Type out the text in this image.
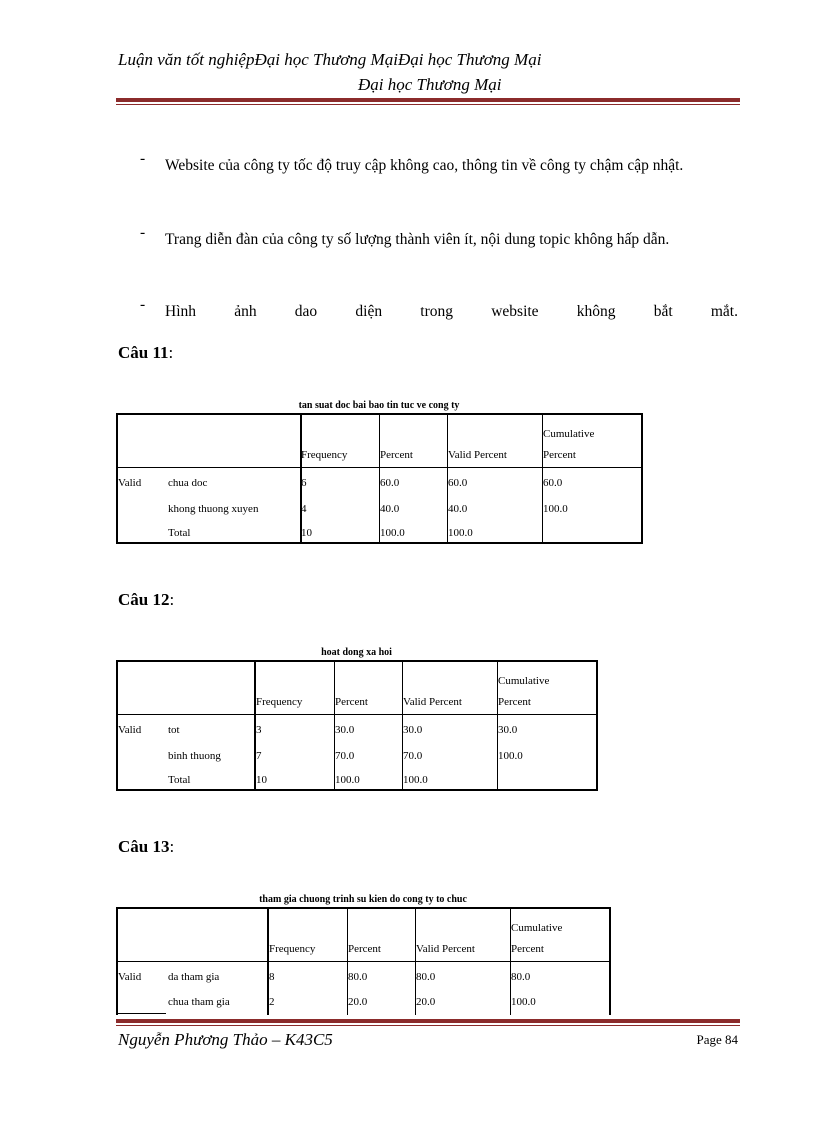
Luận văn tốt nghiệpĐại học Thương MạiĐại học Thương Mại
Đại học Thương Mại
- Website của công ty tốc độ truy cập không cao, thông tin về công ty chậm cập nhật.
- Trang diễn đàn của công ty số lượng thành viên ít, nội dung topic không hấp dẫn.
- Hình ảnh dao diện trong website không bắt mắt.
Câu 11:
tan suat doc bai bao tin tuc ve cong ty
Frequency	Percent	Valid Percent
Cumulative
Percent
Valid chua doc	6	60.0	60.0	60.0
khong thuong xuyen	4	40.0	40.0	100.0
Total	10	100.0	100.0
Câu 12:
hoat dong xa hoi
Frequency	Percent	Valid Percent
Cumulative
Percent
Valid tot	3	30.0	30.0	30.0
binh thuong	7	70.0	70.0	100.0
Total	10	100.0	100.0
Câu 13:
tham gia chuong trinh su kien do cong ty to chuc
Frequency	Percent	Valid Percent
Cumulative
Percent
Valid da tham gia	8	80.0	80.0	80.0
chua tham gia	2	20.0	20.0	100.0
Nguyễn Phương Thảo – K43C5	Page 84
